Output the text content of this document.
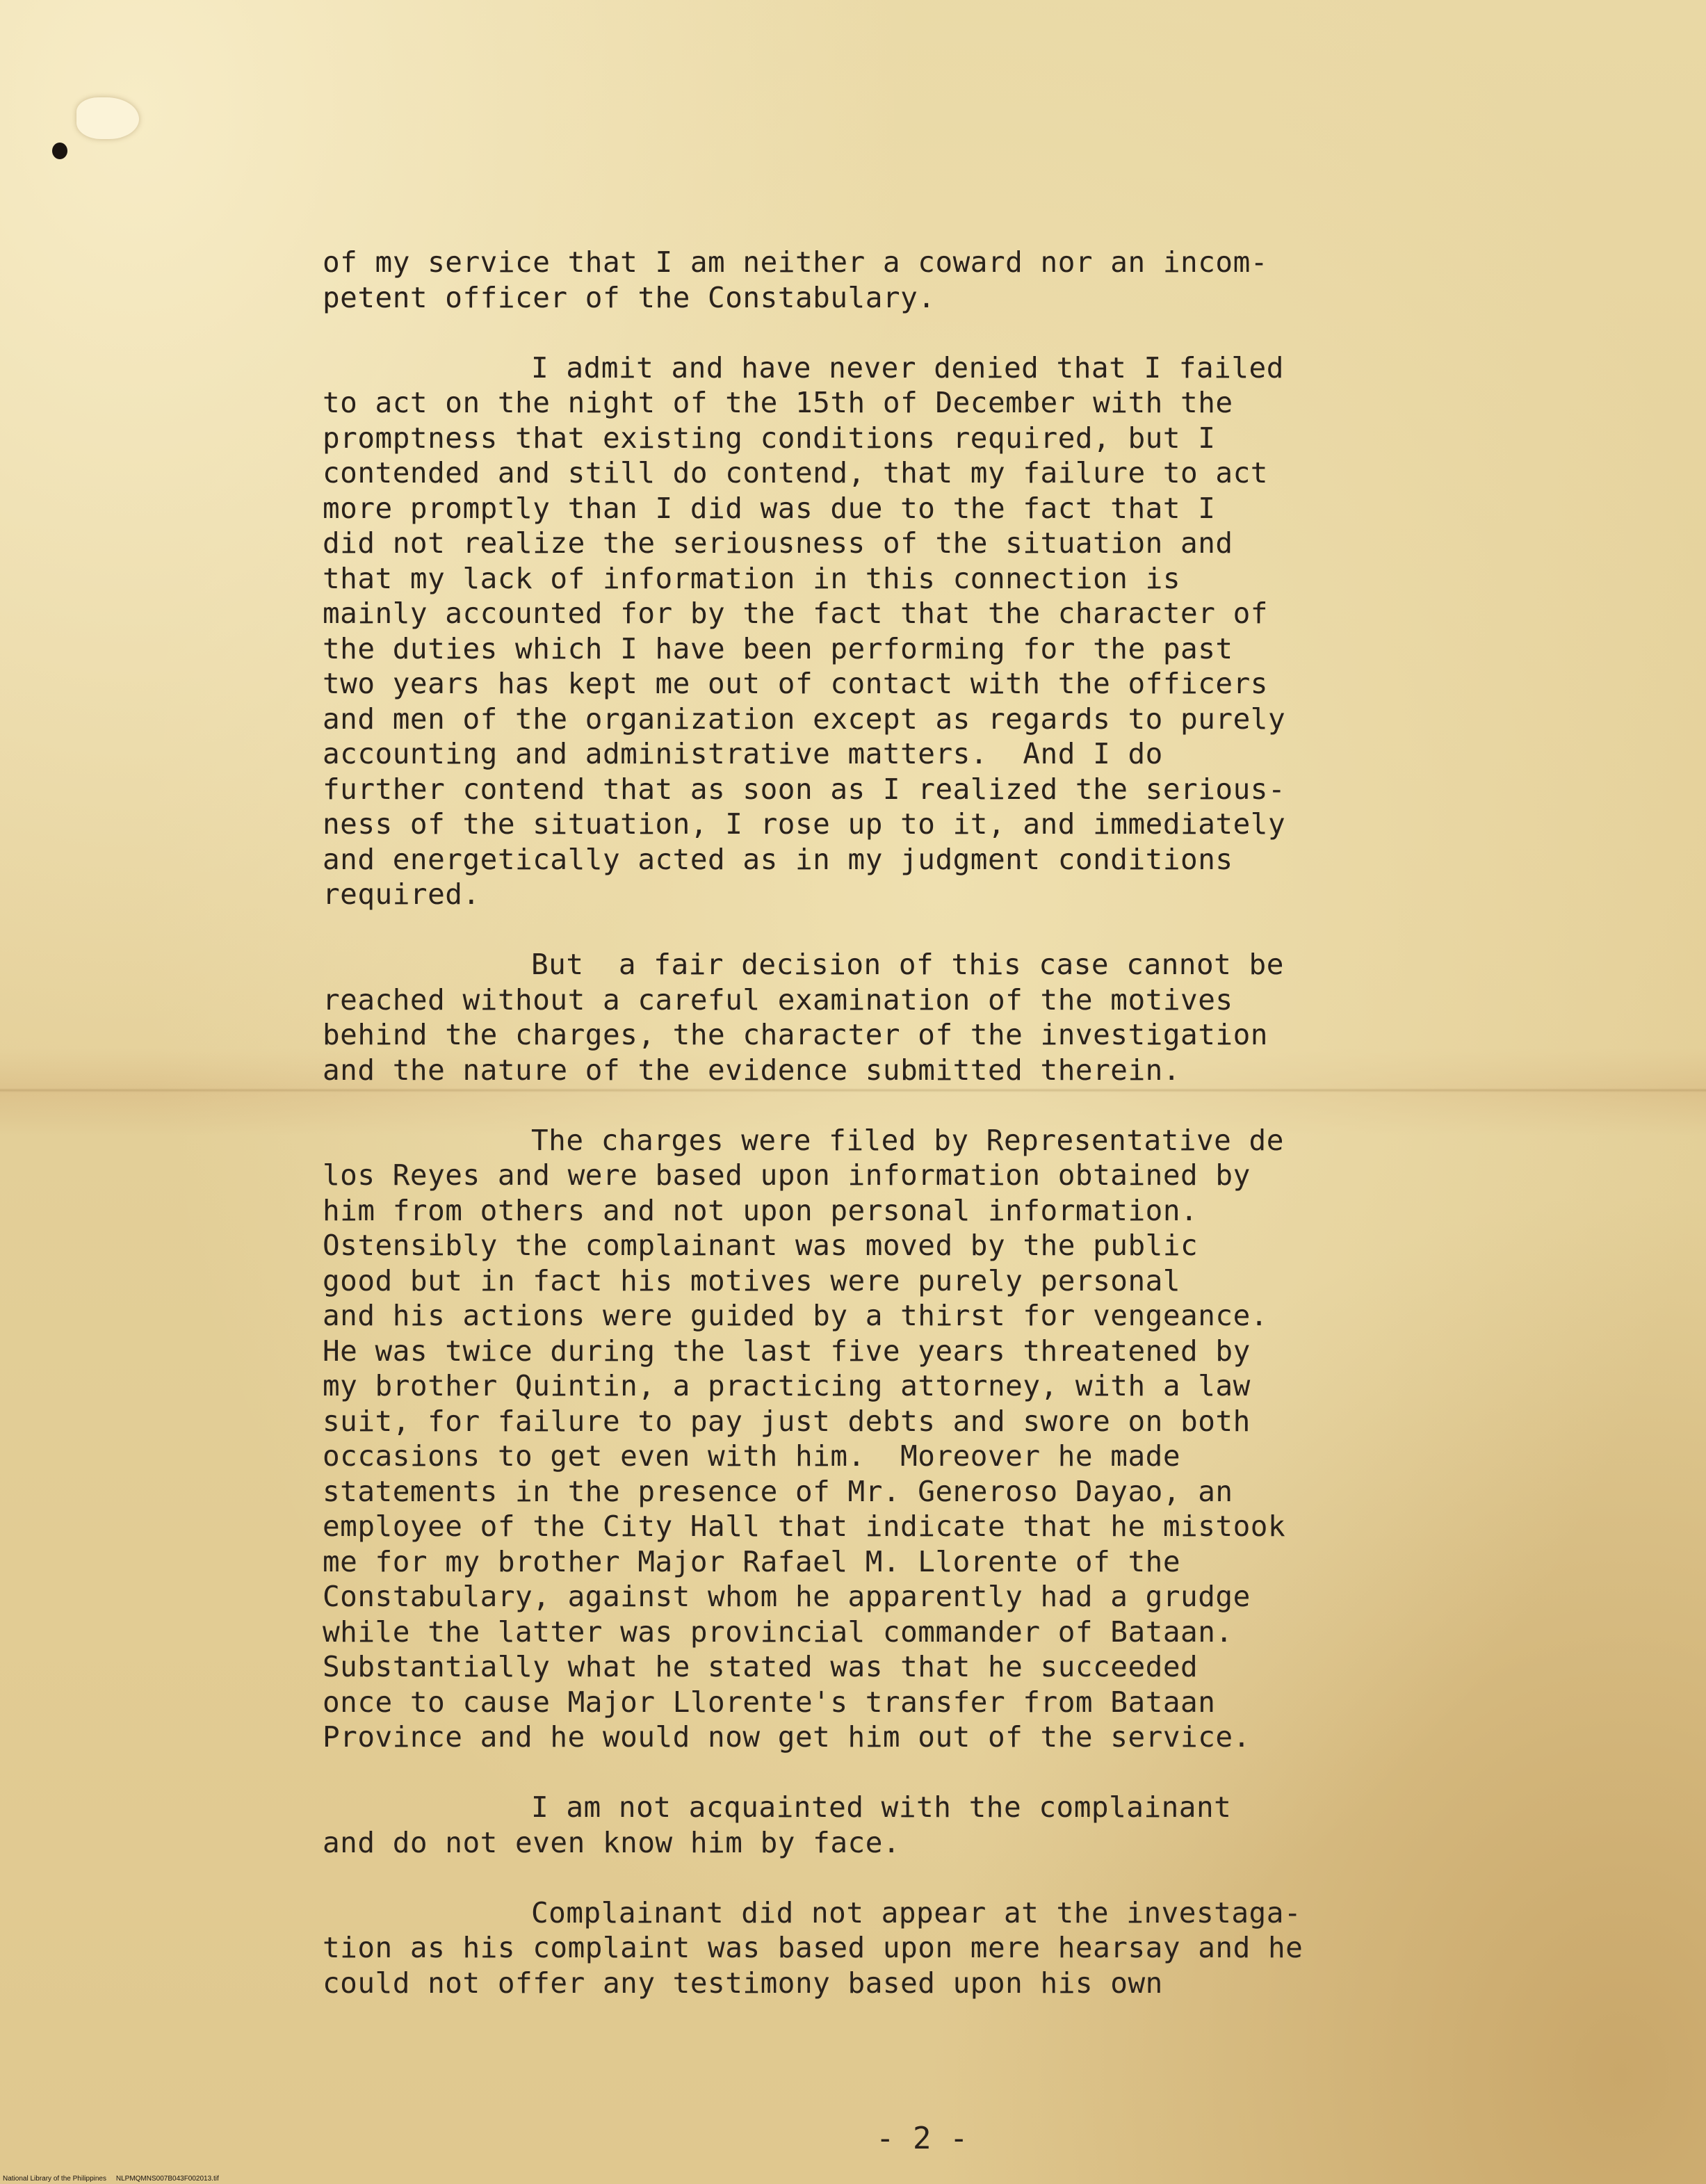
of my service that I am neither a coward nor an incom-
petent officer of the Constabulary.
I admit and have never denied that I failed
to act on the night of the 15th of December with the
promptness that existing conditions required, but I
contended and still do contend, that my failure to act
more promptly than I did was due to the fact that I
did not realize the seriousness of the situation and
that my lack of information in this connection is
mainly accounted for by the fact that the character of
the duties which I have been performing for the past
two years has kept me out of contact with the officers
and men of the organization except as regards to purely
accounting and administrative matters.  And I do
further contend that as soon as I realized the serious-
ness of the situation, I rose up to it, and immediately
and energetically acted as in my judgment conditions
required.
But  a fair decision of this case cannot be
reached without a careful examination of the motives
behind the charges, the character of the investigation
and the nature of the evidence submitted therein.
The charges were filed by Representative de
los Reyes and were based upon information obtained by
him from others and not upon personal information.
Ostensibly the complainant was moved by the public
good but in fact his motives were purely personal
and his actions were guided by a thirst for vengeance.
He was twice during the last five years threatened by
my brother Quintin, a practicing attorney, with a law
suit, for failure to pay just debts and swore on both
occasions to get even with him.  Moreover he made
statements in the presence of Mr. Generoso Dayao, an
employee of the City Hall that indicate that he mistook
me for my brother Major Rafael M. Llorente of the
Constabulary, against whom he apparently had a grudge
while the latter was provincial commander of Bataan.
Substantially what he stated was that he succeeded
once to cause Major Llorente's transfer from Bataan
Province and he would now get him out of the service.
I am not acquainted with the complainant
and do not even know him by face.
Complainant did not appear at the investaga-
tion as his complaint was based upon mere hearsay and he
could not offer any testimony based upon his own
- 2 -
National Library of the Philippines     NLPMQMNS007B043F002013.tif
